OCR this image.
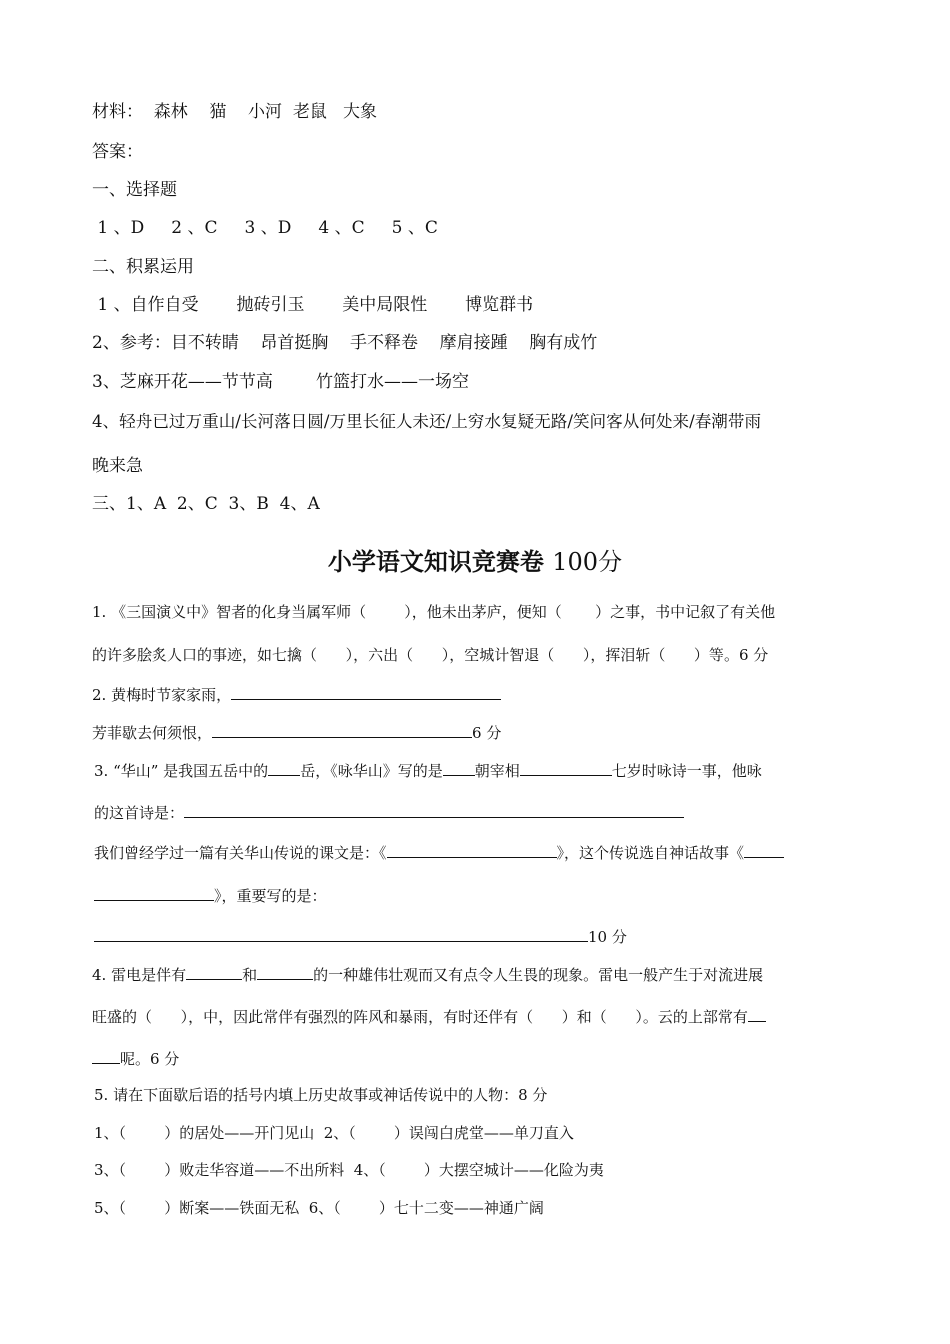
材料：  森林    猫    小河  老鼠   大象
答案：
一、选择题
1 、D     2 、C     3 、D     4 、C     5 、C
二、积累运用
1 、自作自受       抛砖引玉       美中局限性       博览群书
2、参考：目不转睛    昂首挺胸    手不释卷    摩肩接踵    胸有成竹
3、芝麻开花——节节高        竹篮打水——一场空
4、轻舟已过万重山/长河落日圆/万里长征人未还/上穷水复疑无路/笑问客从何处来/春潮带雨
晚来急
三、1、A  2、C  3、B  4、A
小学语文知识竞赛卷 100分
1. 《三国演义中》智者的化身当属军师（        ），他未出茅庐，便知（       ）之事，书中记叙了有关他
的许多脍炙人口的事迹，如七擒（      ），六出（      ），空城计智退（      ），挥泪斩（      ）等。6 分
2. 黄梅时节家家雨，
芳菲歇去何须恨，	6 分
3. “华山” 是我国五岳中的 岳，《咏华山》写的是 朝宰相	七岁时咏诗一事，他咏
的这首诗是：
我们曾经学过一篇有关华山传说的课文是：《	》，这个传说选自神话故事《
》，重要写的是：
10 分
4. 雷电是伴有	和	的一种雄伟壮观而又有点令人生畏的现象。雷电一般产生于对流进展
旺盛的（      ），中，因此常伴有强烈的阵风和暴雨，有时还伴有（      ）和（      ）。云的上部常有
呢。6 分
5. 请在下面歇后语的括号内填上历史故事或神话传说中的人物：8 分
1、（        ）的居处——开门见山  2、（        ）误闯白虎堂——单刀直入
3、（        ）败走华容道——不出所料  4、（        ）大摆空城计——化险为夷
5、（        ）断案——铁面无私  6、（        ）七十二变——神通广阔
